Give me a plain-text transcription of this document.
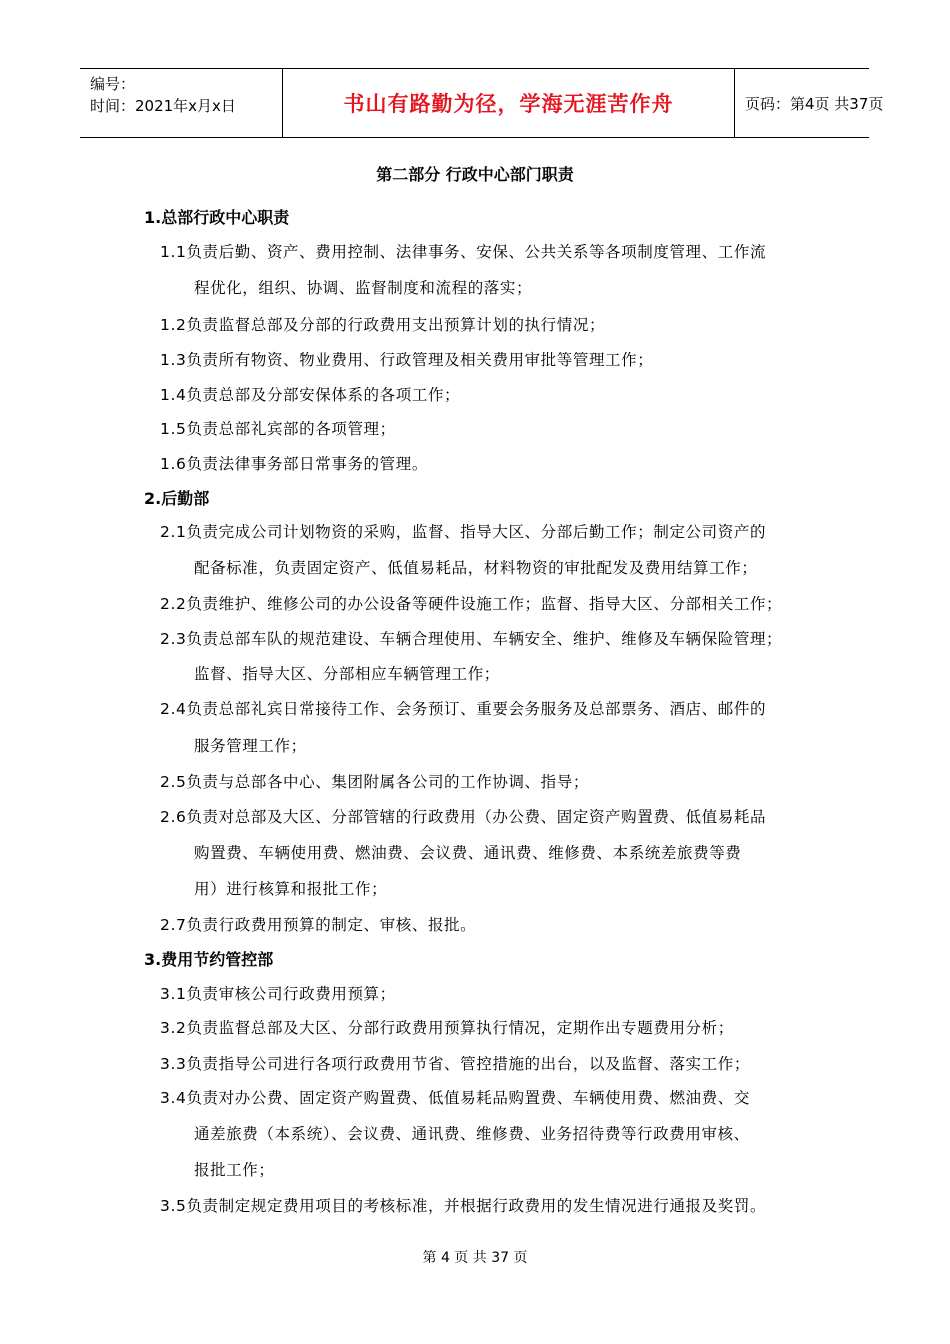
编号：
时间：2021年x月x日	书山有路勤为径，学海无涯苦作舟	页码：第4页 共37页
第二部分 行政中心部门职责
1.总部行政中心职责
1.1负责后勤、资产、费用控制、法律事务、安保、公共关系等各项制度管理、工作流
程优化，组织、协调、监督制度和流程的落实；
1.2负责监督总部及分部的行政费用支出预算计划的执行情况；
1.3负责所有物资、物业费用、行政管理及相关费用审批等管理工作；
1.4负责总部及分部安保体系的各项工作；
1.5负责总部礼宾部的各项管理；
1.6负责法律事务部日常事务的管理。
2.后勤部
2.1负责完成公司计划物资的采购，监督、指导大区、分部后勤工作；制定公司资产的
配备标准，负责固定资产、低值易耗品，材料物资的审批配发及费用结算工作；
2.2负责维护、维修公司的办公设备等硬件设施工作；监督、指导大区、分部相关工作；
2.3负责总部车队的规范建设、车辆合理使用、车辆安全、维护、维修及车辆保险管理；
监督、指导大区、分部相应车辆管理工作；
2.4负责总部礼宾日常接待工作、会务预订、重要会务服务及总部票务、酒店、邮件的
服务管理工作；
2.5负责与总部各中心、集团附属各公司的工作协调、指导；
2.6负责对总部及大区、分部管辖的行政费用（办公费、固定资产购置费、低值易耗品
购置费、车辆使用费、燃油费、会议费、通讯费、维修费、本系统差旅费等费
用）进行核算和报批工作；
2.7负责行政费用预算的制定、审核、报批。
3.费用节约管控部
3.1负责审核公司行政费用预算；
3.2负责监督总部及大区、分部行政费用预算执行情况，定期作出专题费用分析；
3.3负责指导公司进行各项行政费用节省、管控措施的出台，以及监督、落实工作；
3.4负责对办公费、固定资产购置费、低值易耗品购置费、车辆使用费、燃油费、交
通差旅费（本系统）、会议费、通讯费、维修费、业务招待费等行政费用审核、
报批工作；
3.5负责制定规定费用项目的考核标准，并根据行政费用的发生情况进行通报及奖罚。
第 4 页 共 37 页
